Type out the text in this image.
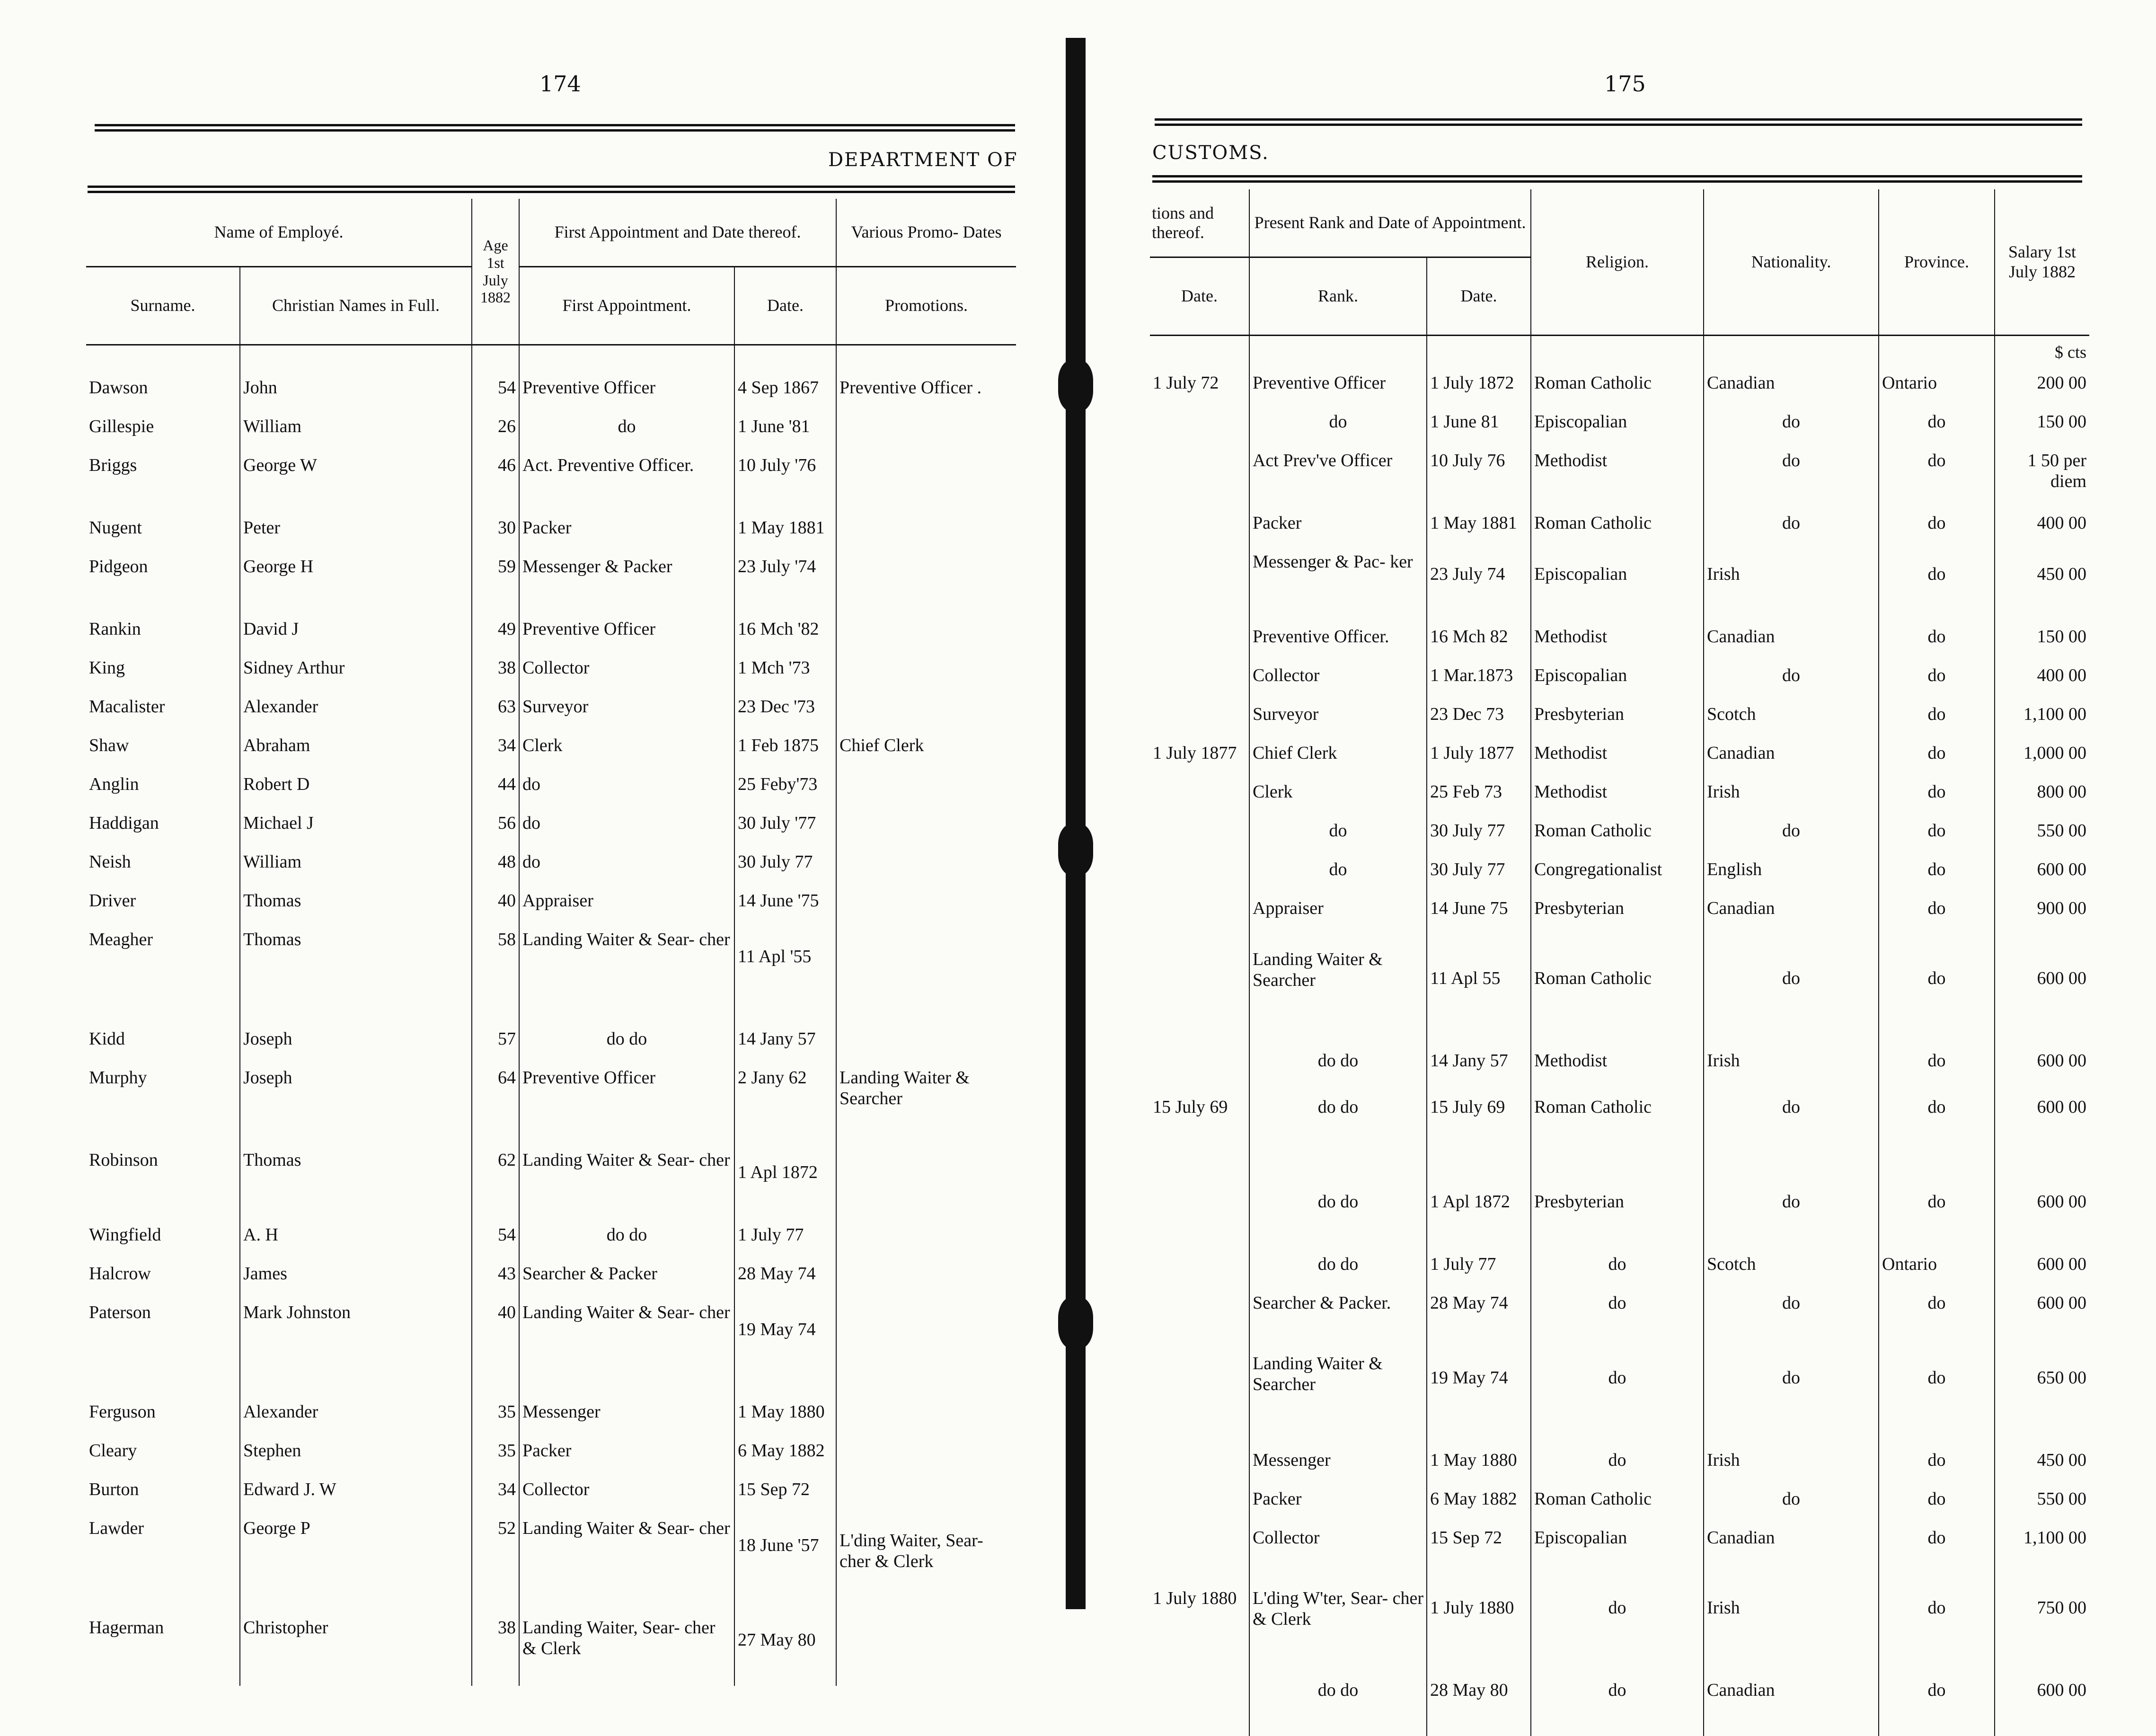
174
DEPARTMENT OF
Name of Employé.		Age 1st July 1882	First Appointment and Date thereof.		Various Promo- Dates
Surname.	Christian Names in Full.		First Appointment.	Date.	Promotions.

Dawson	John	54	Preventive Officer	4 Sep 1867	Preventive Officer .
Gillespie	William	26	do	1 June '81	
Briggs	George W	46	Act. Preventive Officer.	10 July '76	
Nugent	Peter	30	Packer	1 May 1881	
Pidgeon	George H	59	Messenger & Packer	23 July '74	
Rankin	David J	49	Preventive Officer	16 Mch '82	
King	Sidney Arthur	38	Collector	1 Mch '73	
Macalister	Alexander	63	Surveyor	23 Dec '73	
Shaw	Abraham	34	Clerk	1 Feb 1875	Chief Clerk
Anglin	Robert D	44	do	25 Feby'73	
Haddigan	Michael J	56	do	30 July '77	
Neish	William	48	do	30 July 77	
Driver	Thomas	40	Appraiser	14 June '75	
Meagher	Thomas	58	Landing Waiter & Sear- cher	11 Apl '55	
Kidd	Joseph	57	do do	14 Jany 57	
Murphy	Joseph	64	Preventive Officer	2 Jany 62	Landing Waiter & Searcher
Robinson	Thomas	62	Landing Waiter & Sear- cher	1 Apl 1872	
Wingfield	A. H	54	do do	1 July 77	
Halcrow	James	43	Searcher & Packer	28 May 74	
Paterson	Mark Johnston	40	Landing Waiter & Sear- cher	19 May 74	
Ferguson	Alexander	35	Messenger	1 May 1880	
Cleary	Stephen	35	Packer	6 May 1882	
Burton	Edward J. W	34	Collector	15 Sep 72	
Lawder	George P	52	Landing Waiter & Sear- cher	18 June '57	L'ding Waiter, Sear- cher & Clerk
Hagerman	Christopher	38	Landing Waiter, Sear- cher & Clerk	27 May 80	
175
CUSTOMS.
tions and thereof.	Present Rank and Date of Appointment.		Religion.	Nationality.	Province.	Salary 1st July 1882
Date.	Rank.	Date.				
						$ cts
1 July 72	Preventive Officer	1 July 1872	Roman Catholic	Canadian	Ontario	200 00
	do	1 June 81	Episcopalian	do	do	150 00
	Act Prev've Officer	10 July 76	Methodist	do	do	1 50 per diem
	Packer	1 May 1881	Roman Catholic	do	do	400 00
	Messenger & Pac- ker	23 July 74	Episcopalian	Irish	do	450 00
	Preventive Officer.	16 Mch 82	Methodist	Canadian	do	150 00
	Collector	1 Mar.1873	Episcopalian	do	do	400 00
	Surveyor	23 Dec 73	Presbyterian	Scotch	do	1,100 00
1 July 1877	Chief Clerk	1 July 1877	Methodist	Canadian	do	1,000 00
	Clerk	25 Feb 73	Methodist	Irish	do	800 00
	do	30 July 77	Roman Catholic	do	do	550 00
	do	30 July 77	Congregationalist	English	do	600 00
	Appraiser	14 June 75	Presbyterian	Canadian	do	900 00
	Landing Waiter & Searcher	11 Apl 55	Roman Catholic	do	do	600 00
	do do	14 Jany 57	Methodist	Irish	do	600 00
15 July 69	do do	15 July 69	Roman Catholic	do	do	600 00
	do do	1 Apl 1872	Presbyterian	do	do	600 00
	do do	1 July 77	do	Scotch	Ontario	600 00
	Searcher & Packer.	28 May 74	do	do	do	600 00
	Landing Waiter & Searcher	19 May 74	do	do	do	650 00
	Messenger	1 May 1880	do	Irish	do	450 00
	Packer	6 May 1882	Roman Catholic	do	do	550 00
	Collector	15 Sep 72	Episcopalian	Canadian	do	1,100 00
1 July 1880	L'ding W'ter, Sear- cher & Clerk	1 July 1880	do	Irish	do	750 00
	do do	28 May 80	do	Canadian	do	600 00
